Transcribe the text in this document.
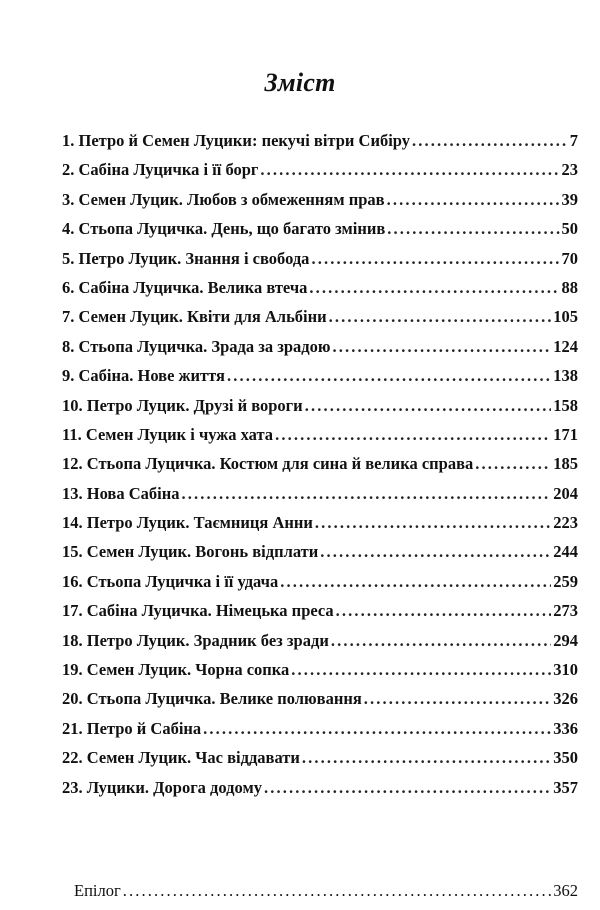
Зміст
1. Петро й Семен Луцики: пекучі вітри Сибіру . . .	7
2. Сабіна Луцичка і її борг . . .	23
3. Семен Луцик. Любов з обмеженням прав . . .	39
4. Стьопа Луцичка. День, що багато змінив . . .	50
5. Петро Луцик. Знання і свобода . . .	70
6. Сабіна Луцичка. Велика втеча . . .	88
7. Семен Луцик. Квіти для Альбіни . . .	105
8. Стьопа Луцичка. Зрада за зрадою . . .	124
9. Сабіна. Нове життя . . .	138
10. Петро Луцик. Друзі й вороги . . .	158
11. Семен Луцик і чужа хата . . .	171
12. Стьопа Луцичка. Костюм для сина й велика справа . . .	185
13. Нова Сабіна . . .	204
14. Петро Луцик. Таємниця Анни . . .	223
15. Семен Луцик. Вогонь відплати . . .	244
16. Стьопа Луцичка і її удача . . .	259
17. Сабіна Луцичка. Німецька преса . . .	273
18. Петро Луцик. Зрадник без зради . . .	294
19. Семен Луцик. Чорна сопка . . .	310
20. Стьопа Луцичка. Велике полювання . . .	326
21. Петро й Сабіна . . .	336
22. Семен Луцик. Час віддавати . . .	350
23. Луцики. Дорога додому . . .	357
Епілог . . .	362
